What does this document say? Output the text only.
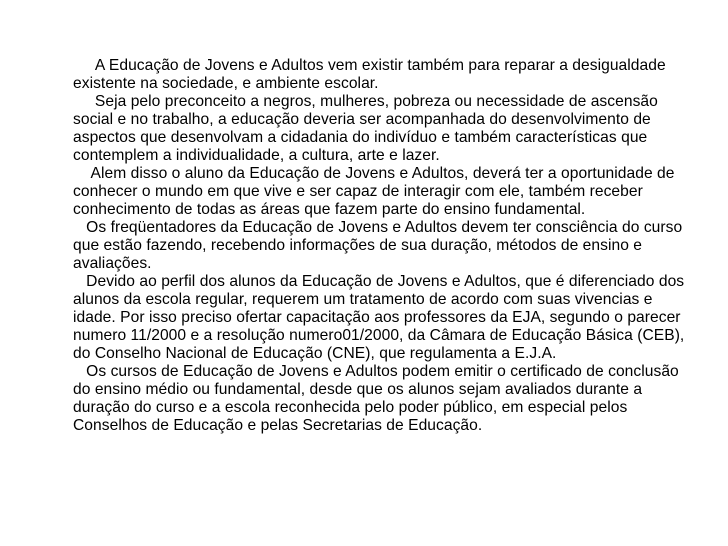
A Educação de Jovens e Adultos vem existir também para reparar a desigualdade existente na sociedade, e ambiente escolar.

Seja pelo preconceito a negros, mulheres, pobreza ou necessidade de ascensão social e no trabalho, a educação deveria ser acompanhada do desenvolvimento de aspectos que desenvolvam a cidadania do indivíduo e também características que contemplem a individualidade, a cultura, arte e lazer.

Alem disso o aluno da Educação de Jovens e Adultos, deverá ter a oportunidade de conhecer o mundo em que vive e ser capaz de interagir com ele, também receber conhecimento de todas as áreas que fazem parte do ensino fundamental.

Os freqüentadores da Educação de Jovens e Adultos devem ter consciência do curso que estão fazendo, recebendo informações de sua duração, métodos de ensino e avaliações.

Devido ao perfil dos alunos da Educação de Jovens e Adultos, que é diferenciado dos alunos da escola regular, requerem um tratamento de acordo com suas vivencias e idade. Por isso preciso ofertar capacitação aos professores da EJA, segundo o parecer numero 11/2000 e a resolução numero01/2000, da Câmara de Educação Básica (CEB), do Conselho Nacional de Educação (CNE), que regulamenta a E.J.A.

Os cursos de Educação de Jovens e Adultos podem emitir o certificado de conclusão do ensino médio ou fundamental, desde que os alunos sejam avaliados durante a duração do curso e a escola reconhecida pelo poder público, em especial pelos Conselhos de Educação e pelas Secretarias de Educação.
